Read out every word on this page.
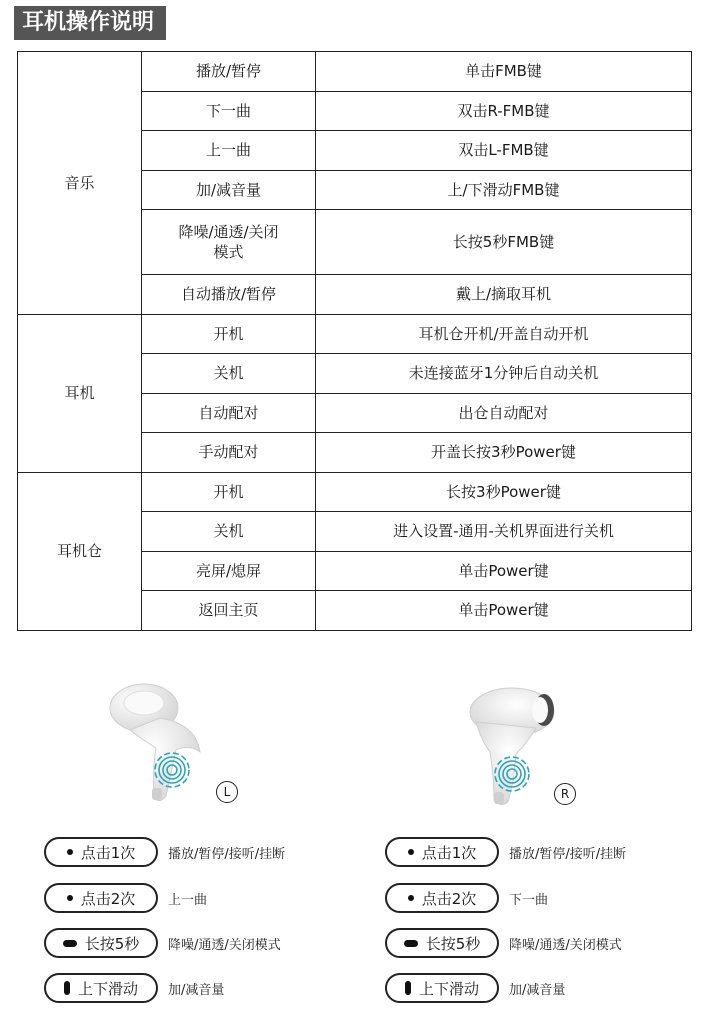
耳机操作说明
音乐	播放/暂停	单击FMB键
	下一曲	双击R-FMB键
	上一曲	双击L-FMB键
	加/减音量	上/下滑动FMB键
	降噪/通透/关闭模式	长按5秒FMB键
	自动播放/暂停	戴上/摘取耳机
耳机	开机	耳机仓开机/开盖自动开机
	关机	未连接蓝牙1分钟后自动关机
	自动配对	出仓自动配对
	手动配对	开盖长按3秒Power键
耳机仓	开机	长按3秒Power键
	关机	进入设置-通用-关机界面进行关机
	亮屏/熄屏	单击Power键
	返回主页	单击Power键
L	R
点击1次	播放/暂停/接听/挂断
点击2次	上一曲
长按5秒 降噪/通透/关闭模式
上下滑动 加/减音量
点击1次	播放/暂停/接听/挂断
点击2次	下一曲
长按5秒 降噪/通透/关闭模式
上下滑动 加/减音量
